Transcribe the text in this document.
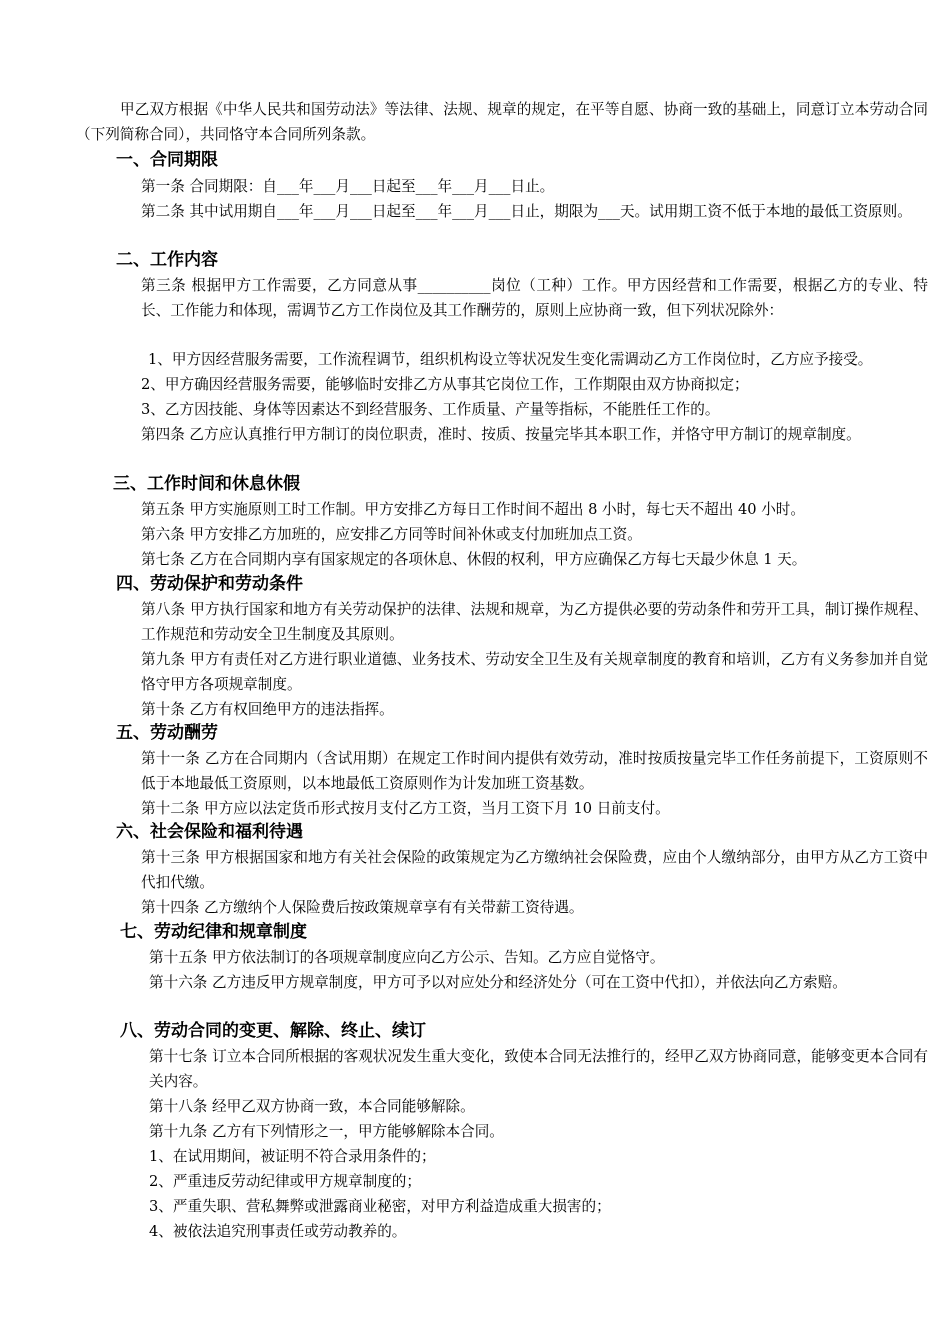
甲乙双方根据《中华人民共和国劳动法》等法律、法规、规章的规定，在平等自愿、协商一致的基础上，同意订立本劳动合同（下列简称合同），共同恪守本合同所列条款。
一、合同期限
第一条 合同期限：自___年___月___日起至___年___月___日止。
第二条 其中试用期自___年___月___日起至___年___月___日止，期限为___天。试用期工资不低于本地的最低工资原则。
二、工作内容
第三条 根据甲方工作需要，乙方同意从事__________岗位（工种）工作。甲方因经营和工作需要，根据乙方的专业、特长、工作能力和体现，需调节乙方工作岗位及其工作酬劳的，原则上应协商一致，但下列状况除外：
1、甲方因经营服务需要，工作流程调节，组织机构设立等状况发生变化需调动乙方工作岗位时，乙方应予接受。
2、甲方确因经营服务需要，能够临时安排乙方从事其它岗位工作，工作期限由双方协商拟定；
3、乙方因技能、身体等因素达不到经营服务、工作质量、产量等指标，不能胜任工作的。
第四条 乙方应认真推行甲方制订的岗位职责，准时、按质、按量完毕其本职工作，并恪守甲方制订的规章制度。
三、工作时间和休息休假
第五条 甲方实施原则工时工作制。甲方安排乙方每日工作时间不超出 8 小时，每七天不超出 40 小时。
第六条 甲方安排乙方加班的，应安排乙方同等时间补休或支付加班加点工资。
第七条 乙方在合同期内享有国家规定的各项休息、休假的权利，甲方应确保乙方每七天最少休息 1 天。
四、劳动保护和劳动条件
第八条 甲方执行国家和地方有关劳动保护的法律、法规和规章，为乙方提供必要的劳动条件和劳开工具，制订操作规程、工作规范和劳动安全卫生制度及其原则。
第九条 甲方有责任对乙方进行职业道德、业务技术、劳动安全卫生及有关规章制度的教育和培训，乙方有义务参加并自觉恪守甲方各项规章制度。
第十条 乙方有权回绝甲方的违法指挥。
五、劳动酬劳
第十一条 乙方在合同期内（含试用期）在规定工作时间内提供有效劳动，准时按质按量完毕工作任务前提下，工资原则不低于本地最低工资原则，以本地最低工资原则作为计发加班工资基数。
第十二条 甲方应以法定货币形式按月支付乙方工资，当月工资下月 10 日前支付。
六、社会保险和福利待遇
第十三条 甲方根据国家和地方有关社会保险的政策规定为乙方缴纳社会保险费，应由个人缴纳部分，由甲方从乙方工资中代扣代缴。
第十四条 乙方缴纳个人保险费后按政策规章享有有关带薪工资待遇。
七、劳动纪律和规章制度
第十五条 甲方依法制订的各项规章制度应向乙方公示、告知。乙方应自觉恪守。
第十六条 乙方违反甲方规章制度，甲方可予以对应处分和经济处分（可在工资中代扣），并依法向乙方索赔。
八、劳动合同的变更、解除、终止、续订
第十七条 订立本合同所根据的客观状况发生重大变化，致使本合同无法推行的，经甲乙双方协商同意，能够变更本合同有关内容。
第十八条 经甲乙双方协商一致，本合同能够解除。
第十九条 乙方有下列情形之一，甲方能够解除本合同。
1、在试用期间，被证明不符合录用条件的；
2、严重违反劳动纪律或甲方规章制度的；
3、严重失职、营私舞弊或泄露商业秘密，对甲方利益造成重大损害的；
4、被依法追究刑事责任或劳动教养的。
